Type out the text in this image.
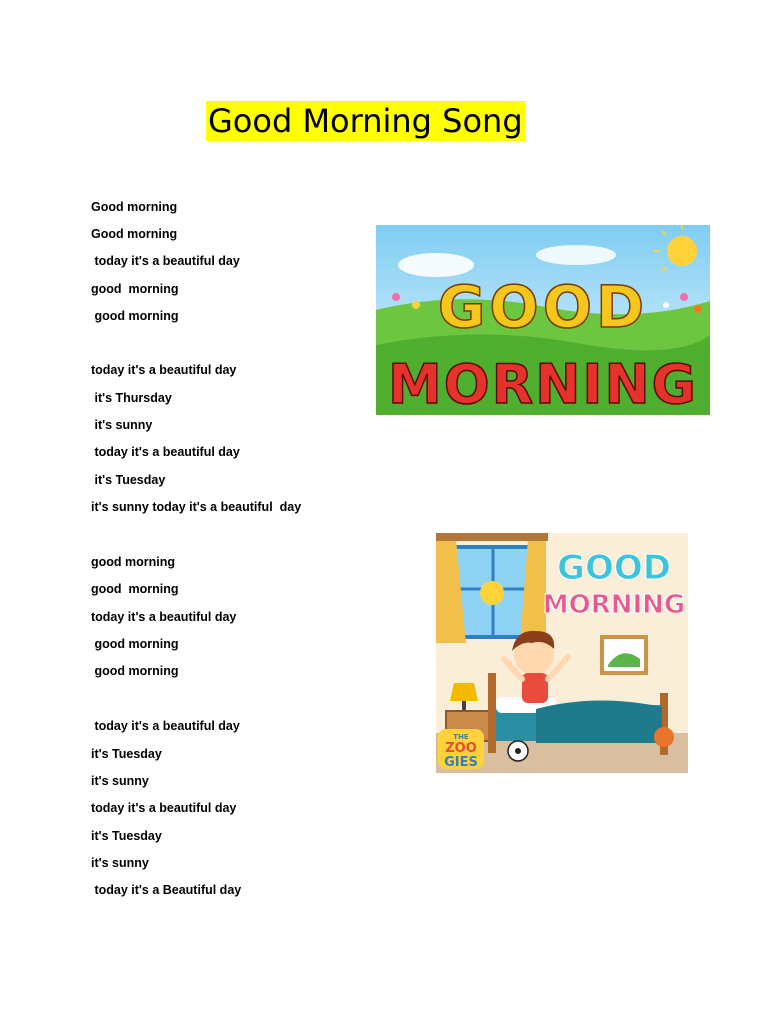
Good Morning Song
Good morning
Good morning
today it's a beautiful day
good  morning
good morning
today it's a beautiful day
it's Thursday
it's sunny
today it's a beautiful day
it's Tuesday
it's sunny today it's a beautiful  day
good morning
good  morning
today it's a beautiful day
good morning
good morning
today it's a beautiful day
it's Tuesday
it's sunny
today it's a beautiful day
it's Tuesday
it's sunny
today it's a Beautiful day
GOOD
MORNING
GOOD
MORNING
THE
ZOO
GIES
